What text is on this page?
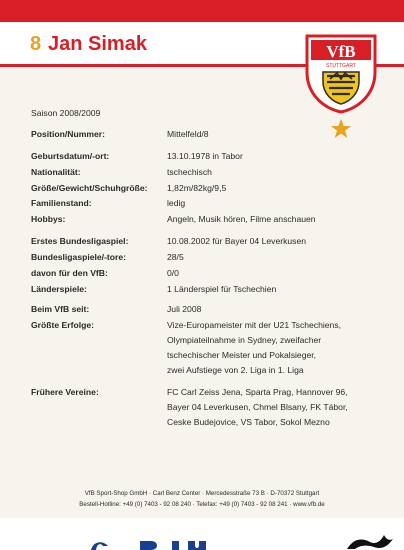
8 Jan Simak	VfB
STUTTGART
Saison 2008/2009
Position/Nummer:	Mittelfeld/8
Geburtsdatum/-ort:	13.10.1978 in Tabor
Nationalität:	tschechisch
Größe/Gewicht/Schuhgröße: 1,82m/82kg/9,5
Familienstand:	ledig
Hobbys:	Angeln, Musik hören, Filme anschauen
Erstes Bundesligaspiel:	10.08.2002 für Bayer 04 Leverkusen
Bundesligaspiele/-tore:	28/5
davon für den VfB:	0/0
Länderspiele:	1 Länderspiel für Tschechien
Beim VfB seit:	Juli 2008
Größte Erfolge:	Vize-Europameister mit der U21 Tschechiens,
Olympiateilnahme in Sydney, zweifacher
tschechischer Meister und Pokalsieger,
zwei Aufstiege von 2. Liga in 1. Liga
Frühere Vereine:	FC Carl Zeiss Jena, Sparta Prag, Hannover 96,
Bayer 04 Leverkusen, Chmel Blsany, FK Tábor,
Ceske Budejovice, VS Tabor, Sokol Mezno
VfB Sport-Shop GmbH · Carl Benz Center · Mercedesstraße 73 B · D-70372 Stuttgart
Bestell-Hotline: +49 (0) 7403 - 92 08 240 · Telefax: +49 (0) 7403 - 92 08 241 · www.vfb.de
